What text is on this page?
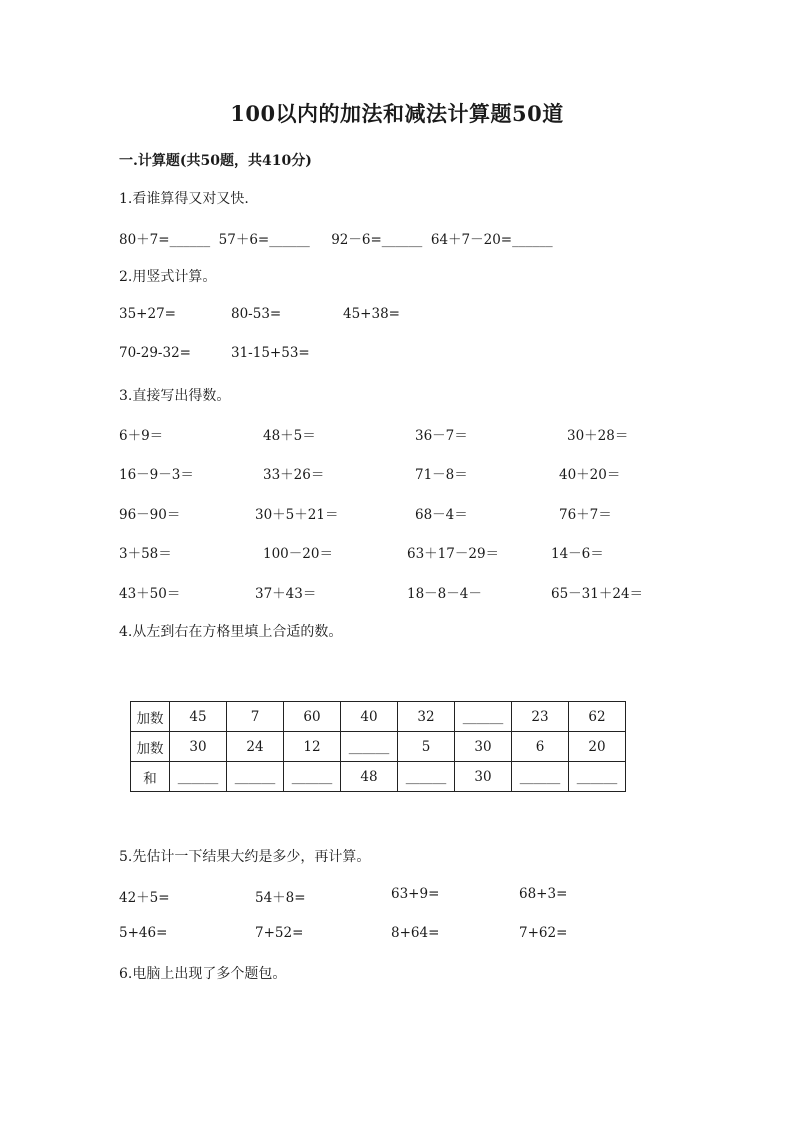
100以内的加法和减法计算题50道
一.计算题(共50题，共410分)
1.看谁算得又对又快.
80＋7=______  57＋6=______     92－6=______  64＋7－20=______
2.用竖式计算。
35+27=	80-53=	45+38=
70-29-32=	31-15+53=
3.直接写出得数。
6＋9＝	48＋5＝	36－7＝	30＋28＝
16－9－3＝	33＋26＝	71－8＝	40＋20＝
96－90＝	30＋5＋21＝	68－4＝	76＋7＝
3＋58＝	100－20＝	63＋17－29＝	14－6＝
43＋50＝	37＋43＝	18－8－4－	65－31＋24＝
4.从左到右在方格里填上合适的数。
加数	45	7	60	40	32	______	23	62
加数	30	24	12	______	5	30	6	20
和	______	______	______	48	______	30	______	______
5.先估计一下结果大约是多少，再计算。
42＋5=	54＋8=	63+9=	68+3=
5+46=	7+52=	8+64=	7+62=
6.电脑上出现了多个题包。
